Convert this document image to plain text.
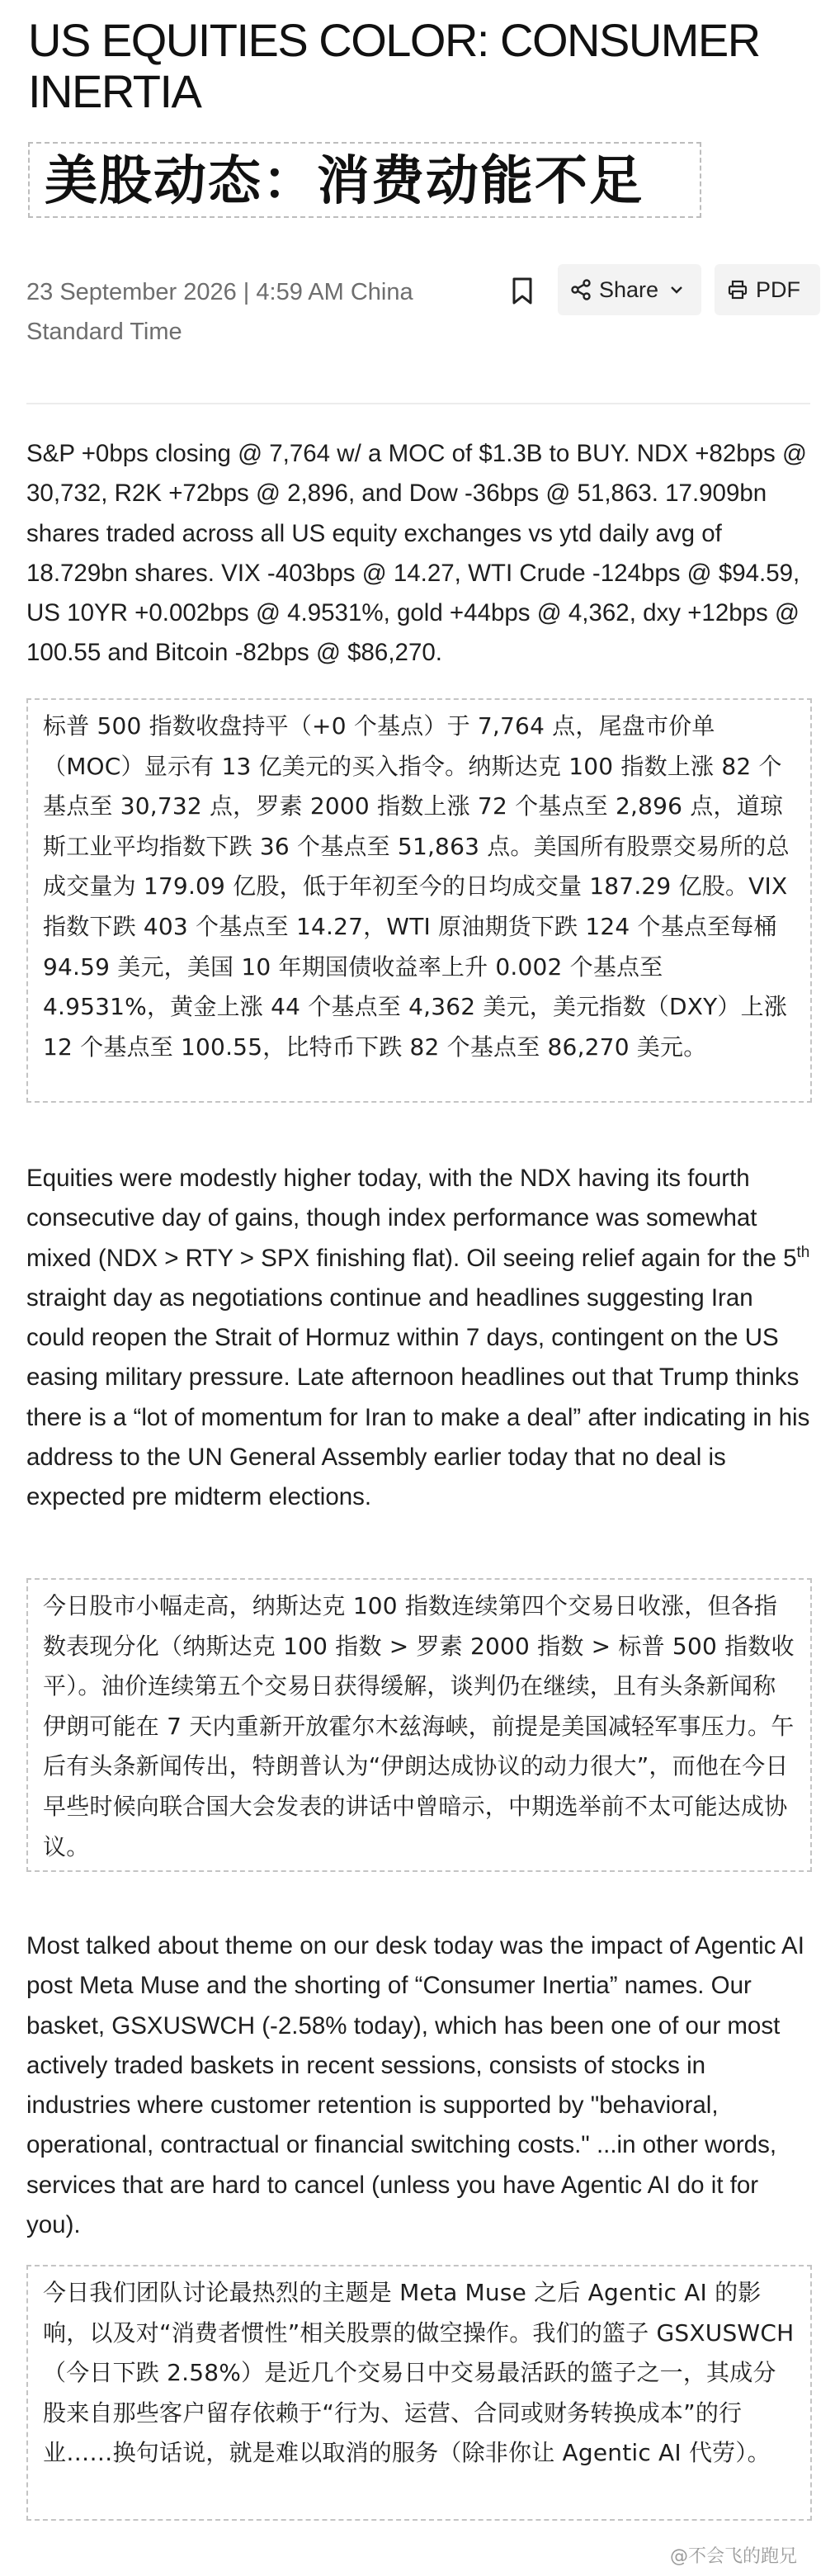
US EQUITIES COLOR: CONSUMER INERTIA
美股动态：消费动能不足
23 September 2026 | 4:59 AM China Standard Time
Share	PDF

S&P +0bps closing @ 7,764 w/ a MOC of $1.3B to BUY. NDX +82bps @ 30,732, R2K +72bps @ 2,896, and Dow -36bps @ 51,863. 17.909bn shares traded across all US equity exchanges vs ytd daily avg of 18.729bn shares. VIX -403bps @ 14.27, WTI Crude -124bps @ $94.59, US 10YR +0.002bps @ 4.9531%, gold +44bps @ 4,362, dxy +12bps @ 100.55 and Bitcoin -82bps @ $86,270.

标普 500 指数收盘持平（+0 个基点）于 7,764 点，尾盘市价单（MOC）显示有 13 亿美元的买入指令。纳斯达克 100 指数上涨 82 个基点至 30,732 点，罗素 2000 指数上涨 72 个基点至 2,896 点，道琼斯工业平均指数下跌 36 个基点至 51,863 点。美国所有股票交易所的总成交量为 179.09 亿股，低于年初至今的日均成交量 187.29 亿股。VIX 指数下跌 403 个基点至 14.27，WTI 原油期货下跌 124 个基点至每桶 94.59 美元，美国 10 年期国债收益率上升 0.002 个基点至 4.9531%，黄金上涨 44 个基点至 4,362 美元，美元指数（DXY）上涨 12 个基点至 100.55，比特币下跌 82 个基点至 86,270 美元。

Equities were modestly higher today, with the NDX having its fourth consecutive day of gains, though index performance was somewhat mixed (NDX > RTY > SPX finishing flat). Oil seeing relief again for the 5th straight day as negotiations continue and headlines suggesting Iran could reopen the Strait of Hormuz within 7 days, contingent on the US easing military pressure. Late afternoon headlines out that Trump thinks there is a “lot of momentum for Iran to make a deal” after indicating in his address to the UN General Assembly earlier today that no deal is expected pre midterm elections.

今日股市小幅走高，纳斯达克 100 指数连续第四个交易日收涨，但各指数表现分化（纳斯达克 100 指数 > 罗素 2000 指数 > 标普 500 指数收平）。油价连续第五个交易日获得缓解，谈判仍在继续，且有头条新闻称伊朗可能在 7 天内重新开放霍尔木兹海峡，前提是美国减轻军事压力。午后有头条新闻传出，特朗普认为“伊朗达成协议的动力很大”，而他在今日早些时候向联合国大会发表的讲话中曾暗示，中期选举前不太可能达成协议。

Most talked about theme on our desk today was the impact of Agentic AI post Meta Muse and the shorting of “Consumer Inertia” names. Our basket, GSXUSWCH (-2.58% today), which has been one of our most actively traded baskets in recent sessions, consists of stocks in industries where customer retention is supported by "behavioral, operational, contractual or financial switching costs." ...in other words, services that are hard to cancel (unless you have Agentic AI do it for you).

今日我们团队讨论最热烈的主题是 Meta Muse 之后 Agentic AI 的影响，以及对“消费者惯性”相关股票的做空操作。我们的篮子 GSXUSWCH（今日下跌 2.58%）是近几个交易日中交易最活跃的篮子之一，其成分股来自那些客户留存依赖于“行为、运营、合同或财务转换成本”的行业……换句话说，就是难以取消的服务（除非你让 Agentic AI 代劳）。

@不会飞的跑兄
